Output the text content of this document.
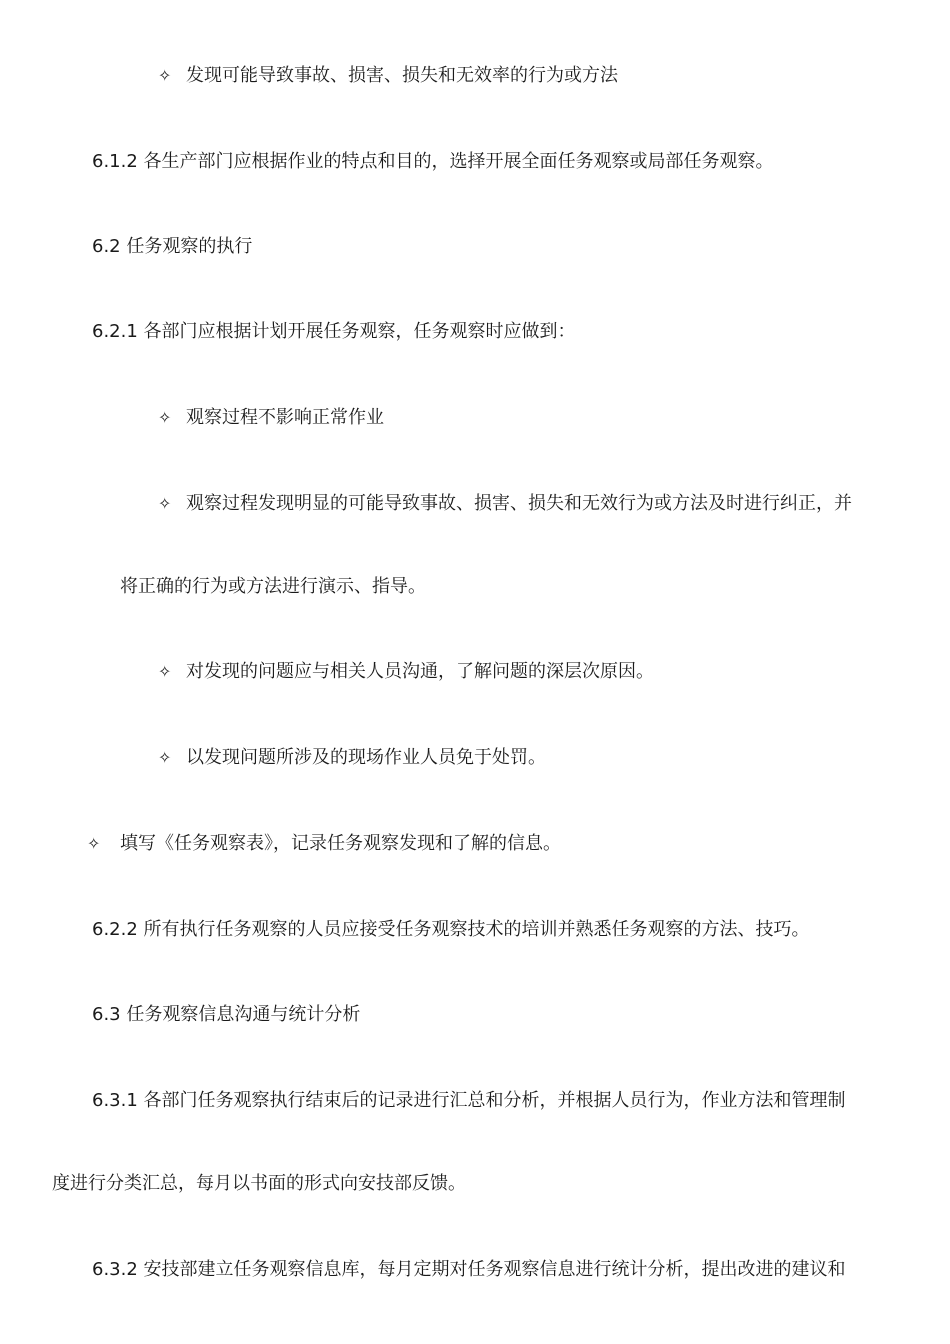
✧ 发现可能导致事故、损害、损失和无效率的行为或方法
6.1.2 各生产部门应根据作业的特点和目的，选择开展全面任务观察或局部任务观察。
6.2 任务观察的执行
6.2.1 各部门应根据计划开展任务观察，任务观察时应做到：
✧ 观察过程不影响正常作业
✧ 观察过程发现明显的可能导致事故、损害、损失和无效行为或方法及时进行纠正，并
将正确的行为或方法进行演示、指导。
✧ 对发现的问题应与相关人员沟通，了解问题的深层次原因。
✧ 以发现问题所涉及的现场作业人员免于处罚。
✧ 填写《任务观察表》，记录任务观察发现和了解的信息。
6.2.2 所有执行任务观察的人员应接受任务观察技术的培训并熟悉任务观察的方法、技巧。
6.3 任务观察信息沟通与统计分析
6.3.1 各部门任务观察执行结束后的记录进行汇总和分析，并根据人员行为，作业方法和管理制
度进行分类汇总，每月以书面的形式向安技部反馈。
6.3.2 安技部建立任务观察信息库，每月定期对任务观察信息进行统计分析，提出改进的建议和
